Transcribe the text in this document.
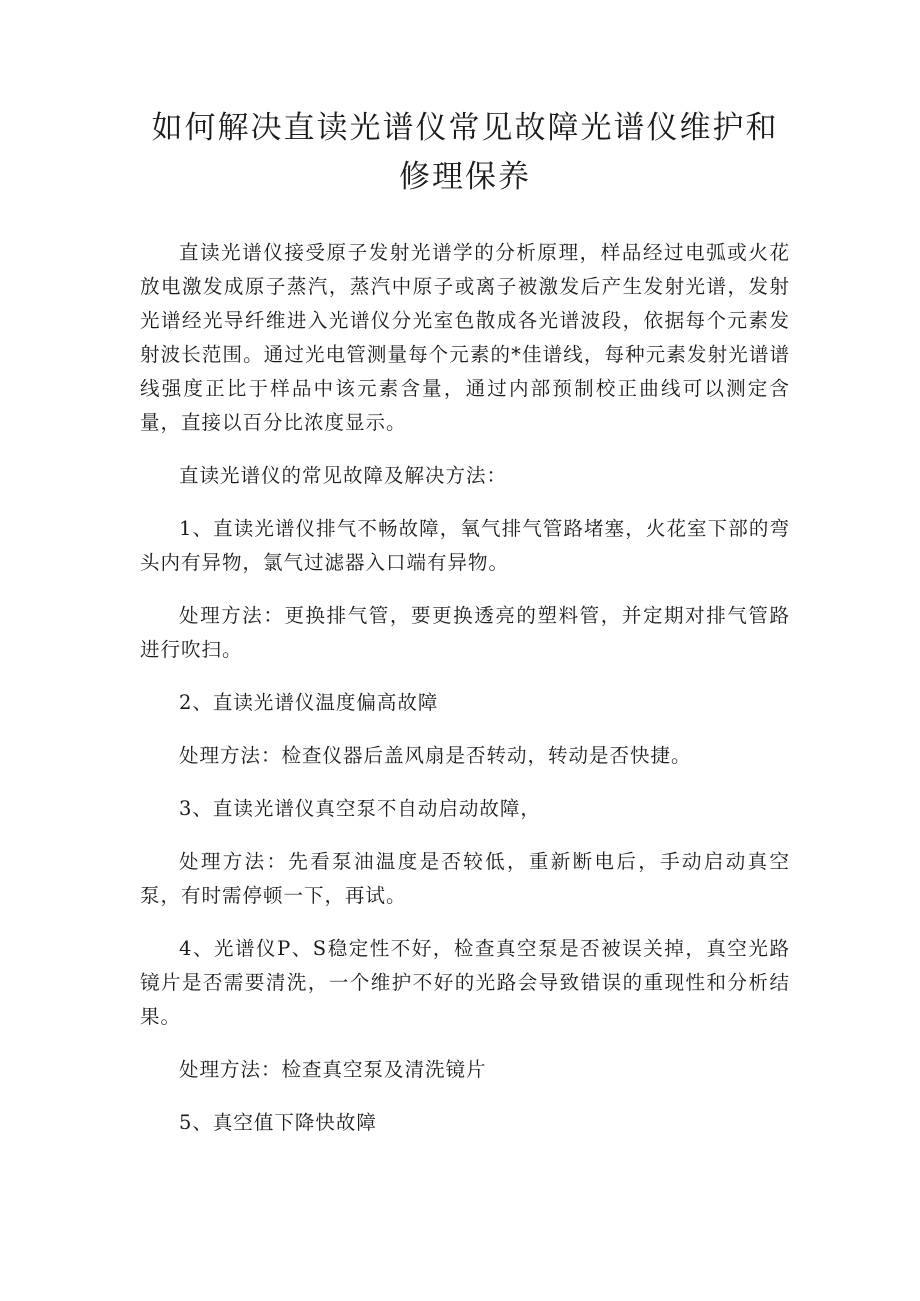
如何解决直读光谱仪常见故障光谱仪维护和
修理保养

直读光谱仪接受原子发射光谱学的分析原理，样品经过电弧或火花放电激发成原子蒸汽，蒸汽中原子或离子被激发后产生发射光谱，发射光谱经光导纤维进入光谱仪分光室色散成各光谱波段，依据每个元素发射波长范围。通过光电管测量每个元素的*佳谱线，每种元素发射光谱谱线强度正比于样品中该元素含量，通过内部预制校正曲线可以测定含量，直接以百分比浓度显示。

直读光谱仪的常见故障及解决方法：

1、直读光谱仪排气不畅故障，氧气排气管路堵塞，火花室下部的弯头内有异物，氯气过滤器入口端有异物。

处理方法：更换排气管，要更换透亮的塑料管，并定期对排气管路进行吹扫。

2、直读光谱仪温度偏高故障

处理方法：检查仪器后盖风扇是否转动，转动是否快捷。

3、直读光谱仪真空泵不自动启动故障，

处理方法：先看泵油温度是否较低，重新断电后，手动启动真空泵，有时需停顿一下，再试。

4、光谱仪P、S稳定性不好，检查真空泵是否被误关掉，真空光路镜片是否需要清洗，一个维护不好的光路会导致错误的重现性和分析结果。

处理方法：检查真空泵及清洗镜片

5、真空值下降快故障
